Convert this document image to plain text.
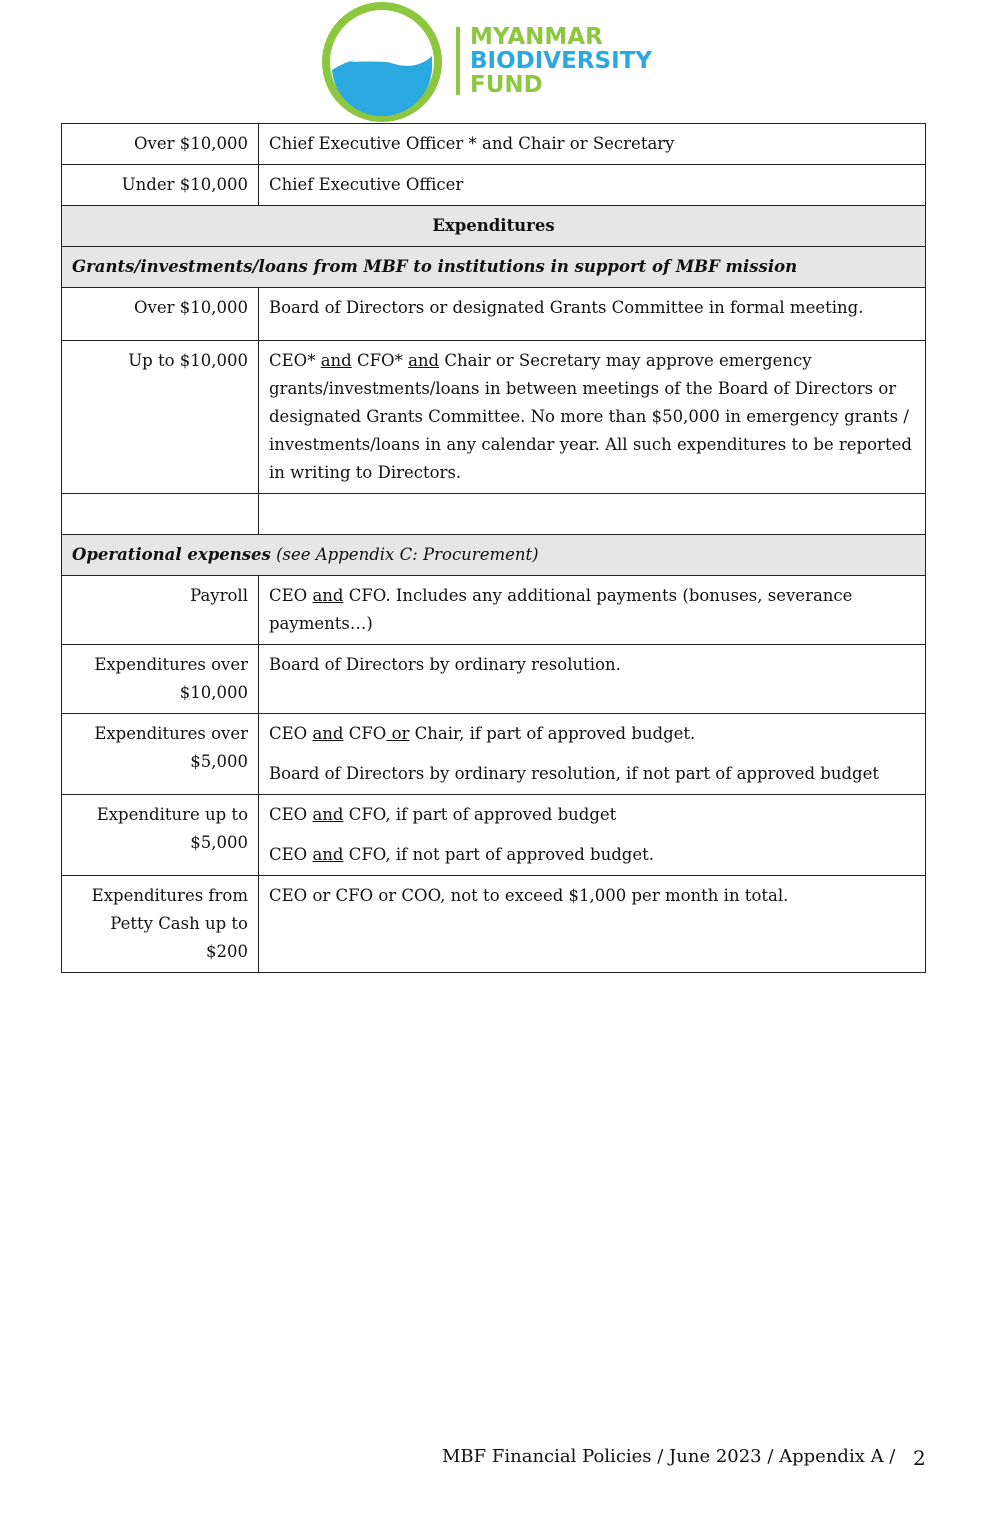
MYANMAR
BIODIVERSITY
FUND
Over $10,000	Chief Executive Officer * and Chair or Secretary
Under $10,000	Chief Executive Officer
Expenditures	
Grants/investments/loans from MBF to institutions in support of MBF mission	
Over $10,000	Board of Directors or designated Grants Committee in formal meeting.
Up to $10,000	CEO* and CFO* and Chair or Secretary may approve emergency grants/investments/loans in between meetings of the Board of Directors or designated Grants Committee. No more than $50,000 in emergency grants / investments/loans in any calendar year. All such expenditures to be reported in writing to Directors.

Operational expenses (see Appendix C: Procurement)	
Payroll	CEO and CFO. Includes any additional payments (bonuses, severance payments…)
Expenditures over $10,000	Board of Directors by ordinary resolution.
Expenditures over $5,000	CEO and CFO or Chair, if part of approved budget.

Board of Directors by ordinary resolution, if not part of approved budget

Expenditure up to $5,000	CEO and CFO, if part of approved budget

CEO and CFO, if not part of approved budget.

Expenditures from Petty Cash up to $200	CEO or CFO or COO, not to exceed $1,000 per month in total.
MBF Financial Policies / June 2023 / Appendix A / 2
